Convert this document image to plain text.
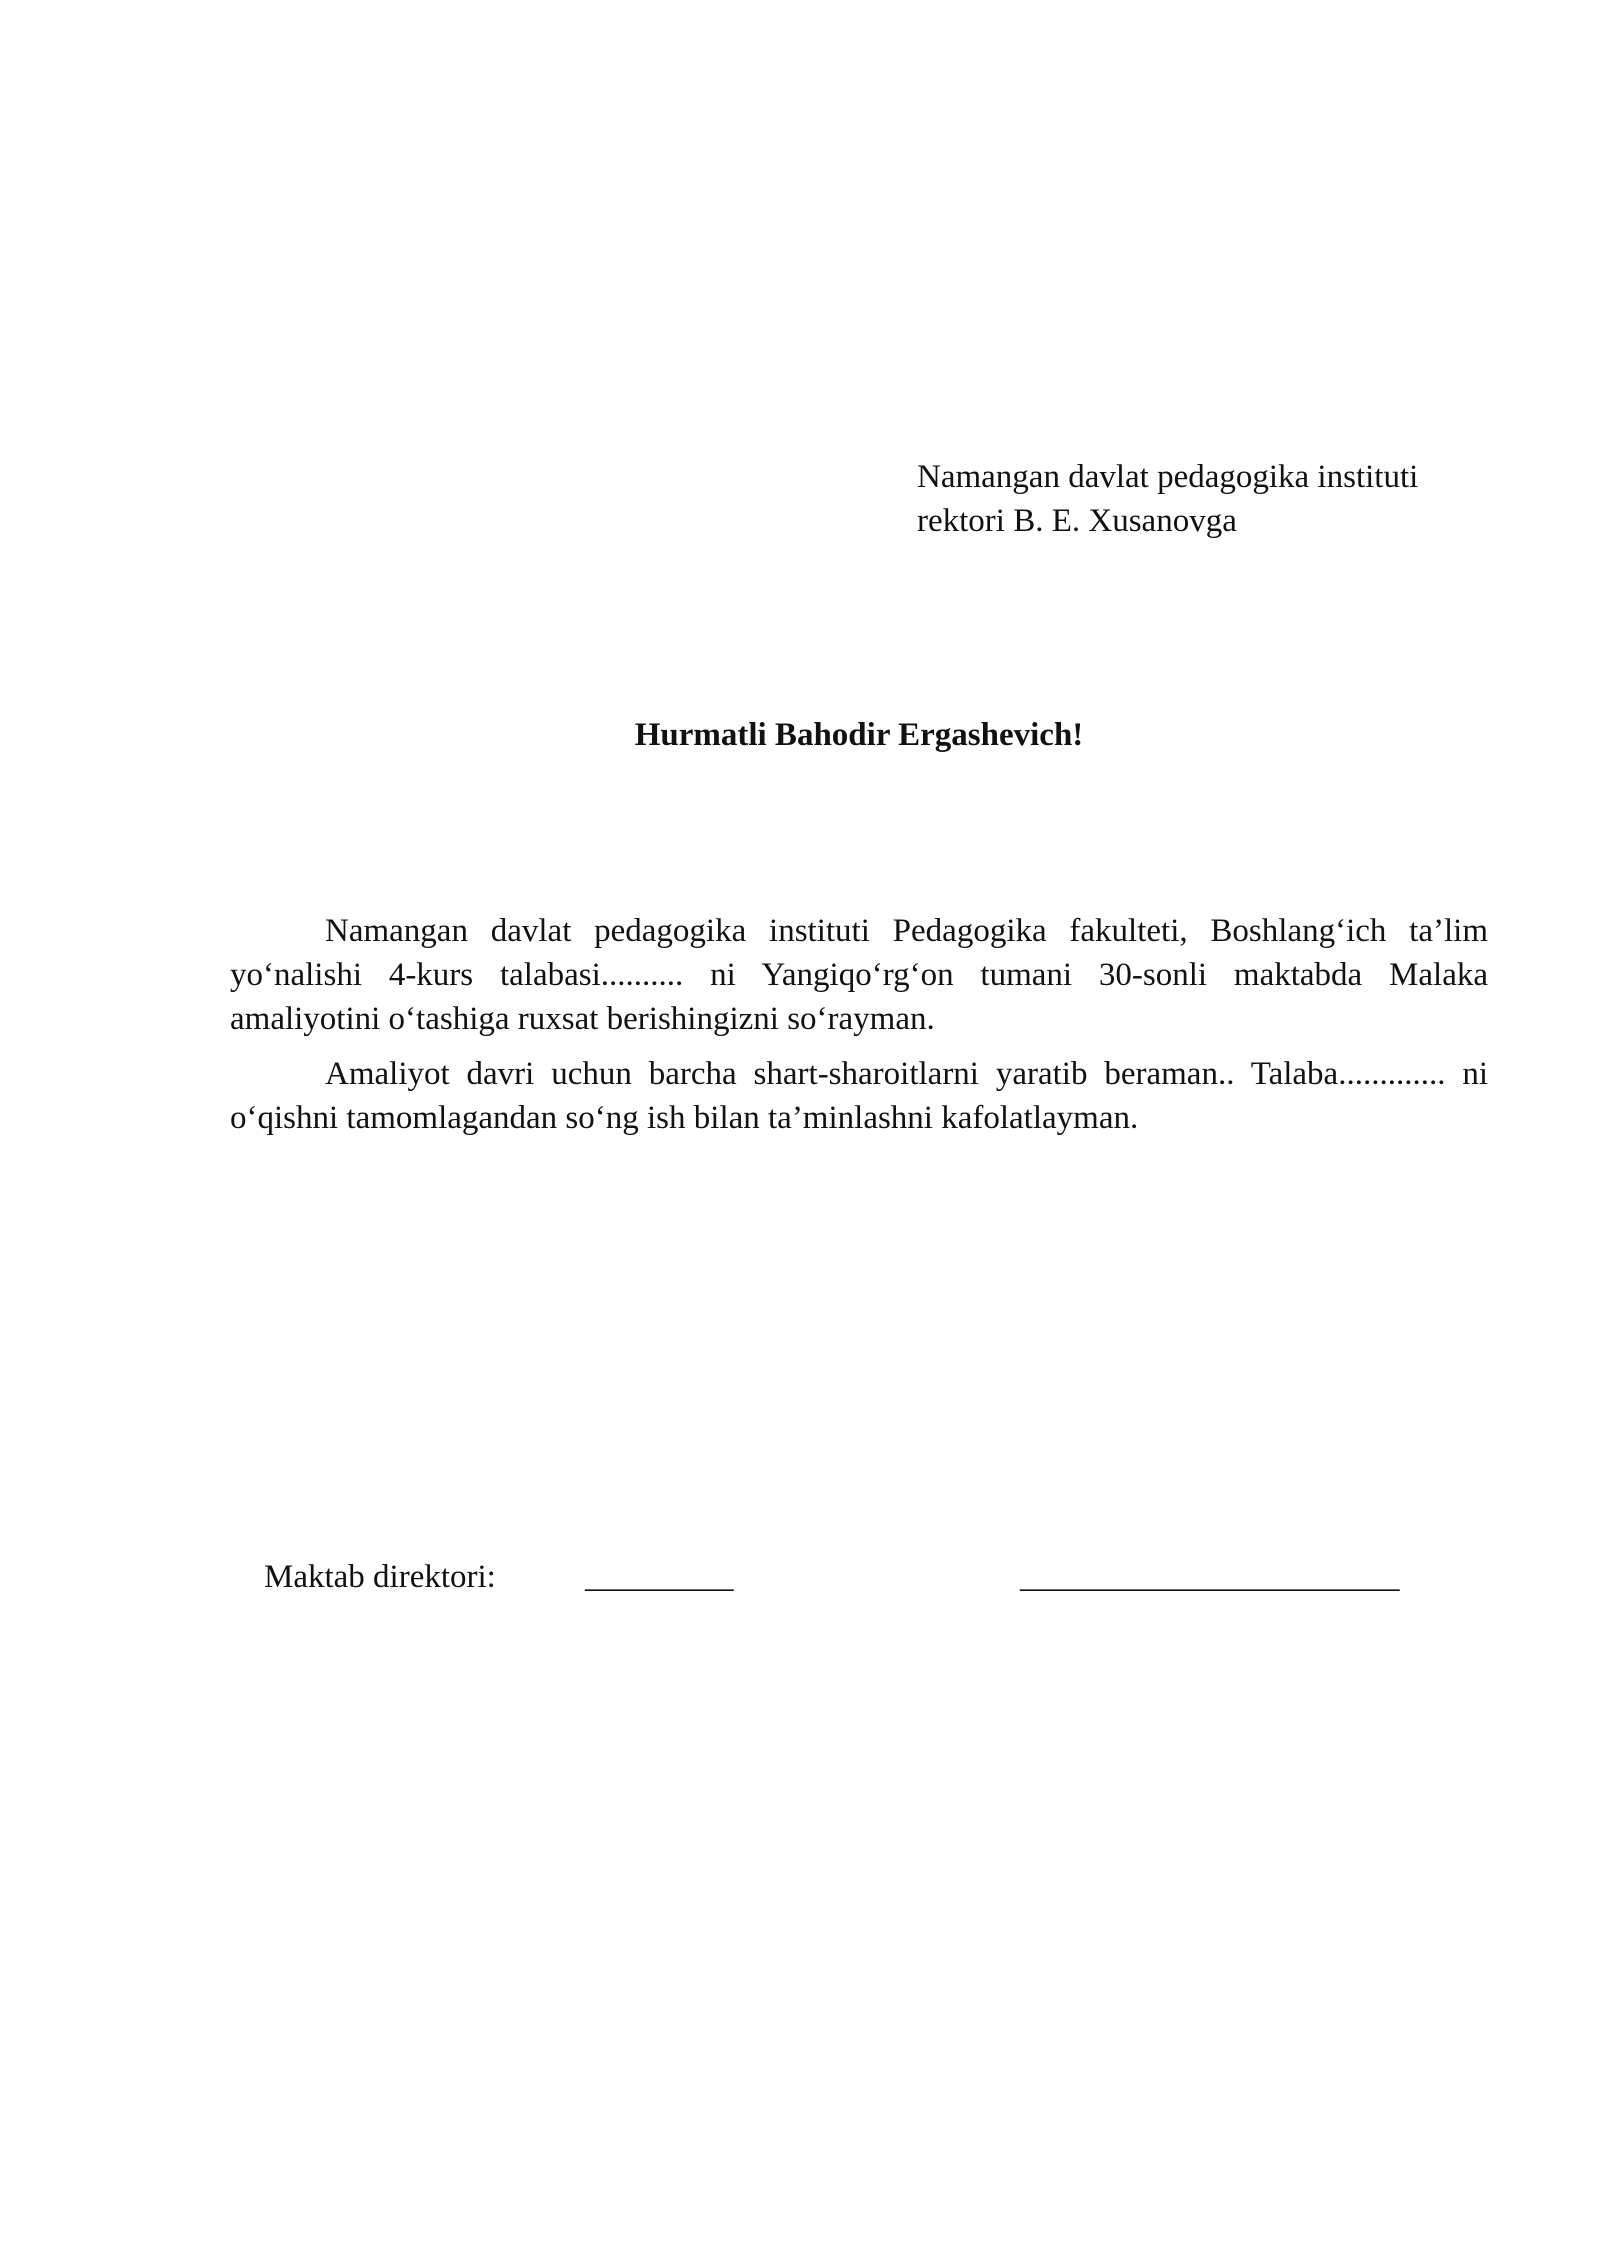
Namangan davlat pedagogika instituti
rektori B. E. Xusanovga
Hurmatli Bahodir Ergashevich!

Namangan davlat pedagogika instituti Pedagogika fakulteti, Boshlang‘ich ta’lim yo‘nalishi 4-kurs talabasi.......... ni Yangiqo‘rg‘on tumani 30-sonli maktabda Malaka amaliyotini o‘tashiga ruxsat berishingizni so‘rayman.

Amaliyot davri uchun barcha shart-sharoitlarni yaratib beraman.. Talaba............. ni o‘qishni tamomlagandan so‘ng ish bilan ta’minlashni kafolatlayman.

Maktab direktori:	_________	_______________________
